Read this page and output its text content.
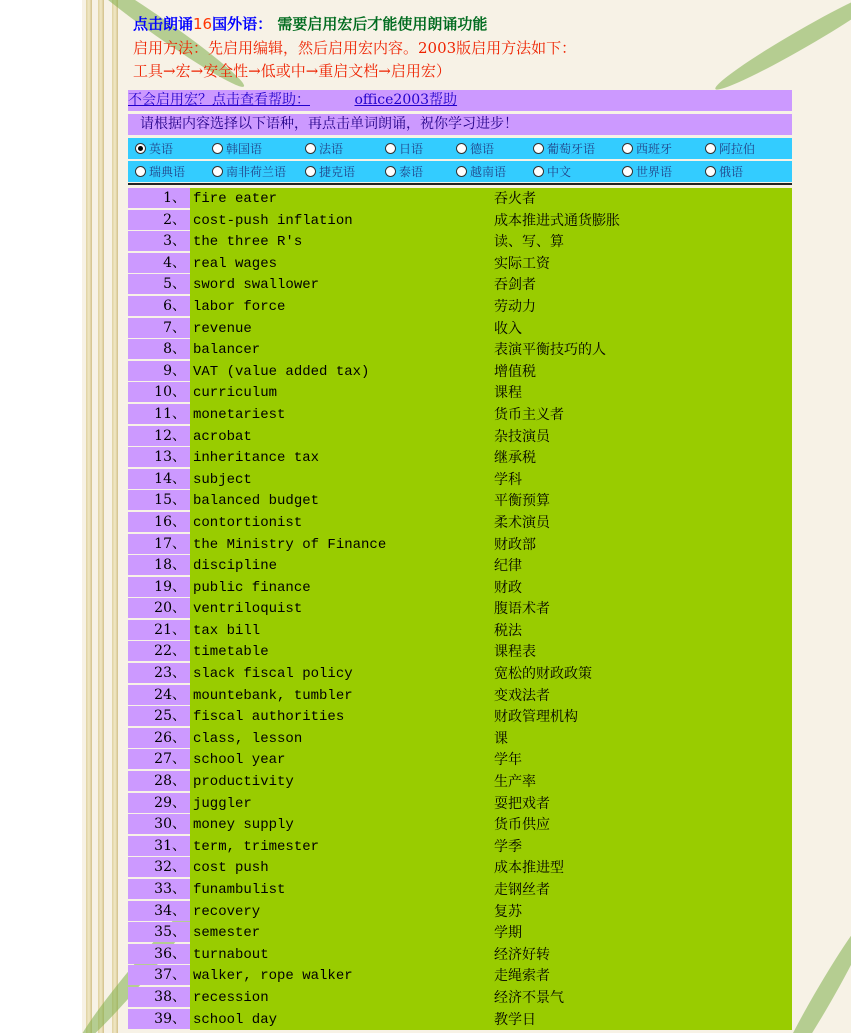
点击朗诵16国外语： 需要启用宏后才能使用朗诵功能
启用方法：先启用编辑，然后启用宏内容。2003版启用方法如下：
工具→宏→安全性→低或中→重启文档→启用宏）
不会启用宏？点击查看帮助：	office2003帮助
请根据内容选择以下语种，再点击单词朗诵，祝你学习进步！
英语	韩国语	法语	日语	德语	葡萄牙语	西班牙	阿拉伯
瑞典语	南非荷兰语	捷克语	泰语	越南语	中文	世界语	俄语
1、 fire eater	吞火者
2、 cost-push inflation	成本推进式通货膨胀
3、 the three R's	读、写、算
4、 real wages	实际工资
5、 sword swallower	吞剑者
6、 labor force	劳动力
7、 revenue	收入
8、 balancer	表演平衡技巧的人
9、 VAT (value added tax)	增值税
10、 curriculum	课程
11、 monetariest	货币主义者
12、 acrobat	杂技演员
13、 inheritance tax	继承税
14、 subject	学科
15、 balanced budget	平衡预算
16、 contortionist	柔术演员
17、 the Ministry of Finance	财政部
18、 discipline	纪律
19、 public finance	财政
20、 ventriloquist	腹语术者
21、 tax bill	税法
22、 timetable	课程表
23、 slack fiscal policy	宽松的财政政策
24、 mountebank, tumbler	变戏法者
25、 fiscal authorities	财政管理机构
26、 class, lesson	课
27、 school year	学年
28、 productivity	生产率
29、 juggler	耍把戏者
30、 money supply	货币供应
31、 term, trimester	学季
32、 cost push	成本推进型
33、 funambulist	走钢丝者
34、 recovery	复苏
35、 semester	学期
36、 turnabout	经济好转
37、 walker, rope walker	走绳索者
38、 recession	经济不景气
39、 school day	教学日
